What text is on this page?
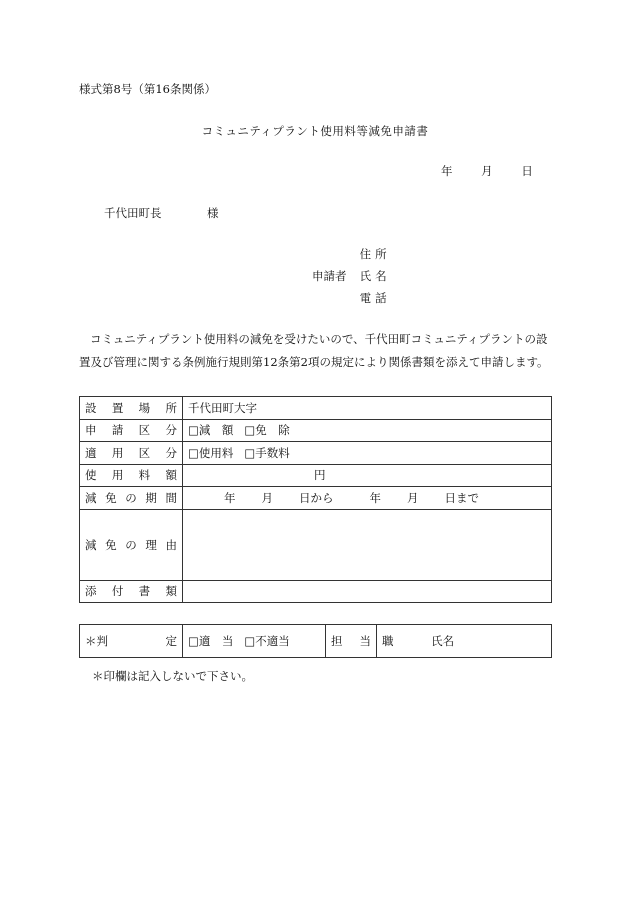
様式第8号（第16条関係）
コミュニティプラント使用料等減免申請書
年 月 日
千代田町長	様
住所
申請者 氏名
電話
コミュニティプラント使用料の減免を受けたいので、千代田町コミュニティプラントの設置及び管理に関する条例施行規則第12条第2項の規定により関係書類を添えて申請します。
設 置 場 所	千代田町大字

申 請 区 分	□減　額 □免　除

適 用 区 分	□使用料 □手数料

使 用 料 額	円

減 免 の 期 間	年 月 日から 年 月 日まで

減 免 の 理 由	

添 付 書 類	

＊判	定	□適　当 □不適当	担 当	職	氏名
＊印欄は記入しないで下さい。
